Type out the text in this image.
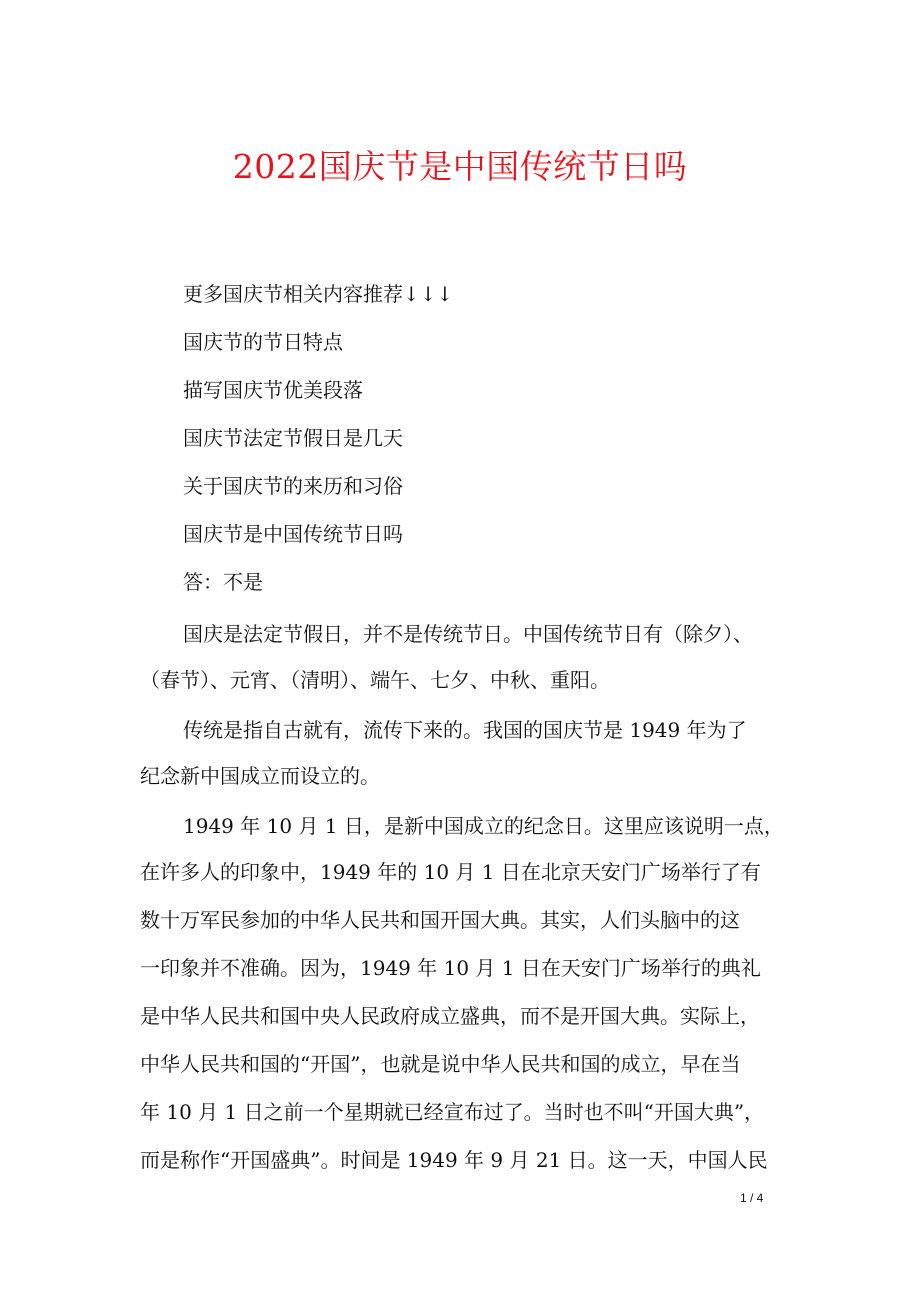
2022国庆节是中国传统节日吗
更多国庆节相关内容推荐↓↓↓
国庆节的节日特点
描写国庆节优美段落
国庆节法定节假日是几天
关于国庆节的来历和习俗
国庆节是中国传统节日吗
答：不是
国庆是法定节假日，并不是传统节日。中国传统节日有（除夕）、
（春节）、元宵、（清明）、端午、七夕、中秋、重阳。
传统是指自古就有，流传下来的。我国的国庆节是 1949 年为了
纪念新中国成立而设立的。
1949 年 10 月 1 日，是新中国成立的纪念日。这里应该说明一点，
在许多人的印象中，1949 年的 10 月 1 日在北京天安门广场举行了有
数十万军民参加的中华人民共和国开国大典。其实，人们头脑中的这
一印象并不准确。因为，1949 年 10 月 1 日在天安门广场举行的典礼
是中华人民共和国中央人民政府成立盛典，而不是开国大典。实际上，
中华人民共和国的“开国”，也就是说中华人民共和国的成立，早在当
年 10 月 1 日之前一个星期就已经宣布过了。当时也不叫“开国大典”，
而是称作“开国盛典”。时间是 1949 年 9 月 21 日。这一天，中国人民
1 / 4
